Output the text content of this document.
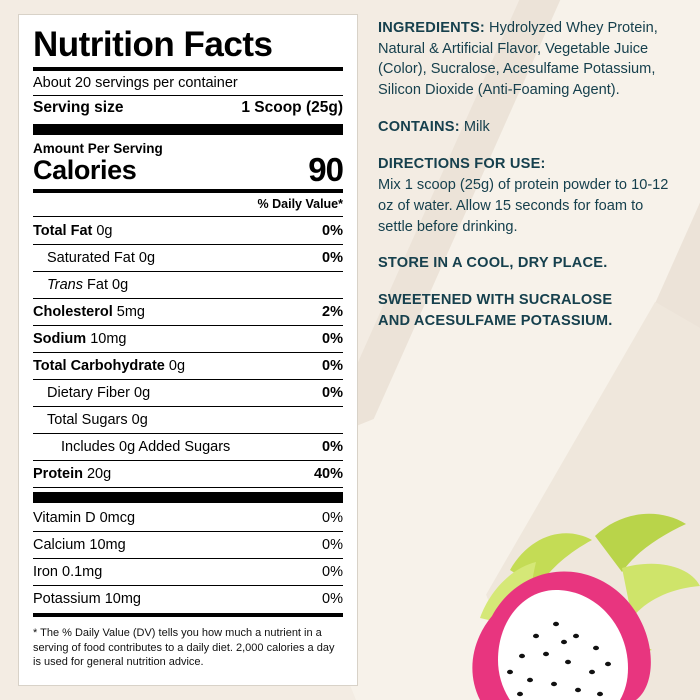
Nutrition Facts
About 20 servings per container
Serving size	1 Scoop (25g)
Amount Per Serving
Calories	90
% Daily Value*
Total Fat 0g	0%
Saturated Fat 0g	0%
Trans Fat 0g
Cholesterol 5mg	2%
Sodium 10mg	0%
Total Carbohydrate 0g	0%
Dietary Fiber 0g	0%
Total Sugars 0g
Includes 0g Added Sugars	0%
Protein 20g	40%
Vitamin D 0mcg	0%
Calcium 10mg	0%
Iron 0.1mg	0%
Potassium 10mg	0%
* The % Daily Value (DV) tells you how much a nutrient in a serving of food contributes to a daily diet. 2,000 calories a day is used for general nutrition advice.

INGREDIENTS: Hydrolyzed Whey Protein, Natural & Artificial Flavor, Vegetable Juice (Color), Sucralose, Acesulfame Potassium, Silicon Dioxide (Anti-Foaming Agent).

CONTAINS: Milk

DIRECTIONS FOR USE:

Mix 1 scoop (25g) of protein powder to 10-12 oz of water. Allow 15 seconds for foam to settle before drinking.

STORE IN A COOL, DRY PLACE.

SWEETENED WITH SUCRALOSE

AND ACESULFAME POTASSIUM.
